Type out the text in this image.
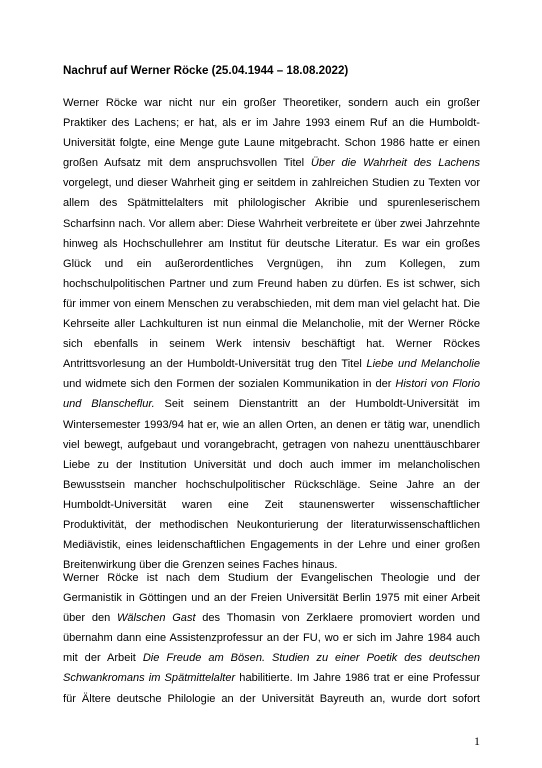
Nachruf auf Werner Röcke (25.04.1944 – 18.08.2022)
Werner Röcke war nicht nur ein großer Theoretiker, sondern auch ein großer
Praktiker des Lachens; er hat, als er im Jahre 1993 einem Ruf an die Humboldt-
Universität folgte, eine Menge gute Laune mitgebracht. Schon 1986 hatte er einen
großen Aufsatz mit dem anspruchsvollen Titel Über die Wahrheit des Lachens
vorgelegt, und dieser Wahrheit ging er seitdem in zahlreichen Studien zu Texten vor
allem des Spätmittelalters mit philologischer Akribie und spurenleserischem
Scharfsinn nach. Vor allem aber: Diese Wahrheit verbreitete er über zwei Jahrzehnte
hinweg als Hochschullehrer am Institut für deutsche Literatur. Es war ein großes
Glück und ein außerordentliches Vergnügen, ihn zum Kollegen, zum
hochschulpolitischen Partner und zum Freund haben zu dürfen. Es ist schwer, sich
für immer von einem Menschen zu verabschieden, mit dem man viel gelacht hat. Die
Kehrseite aller Lachkulturen ist nun einmal die Melancholie, mit der Werner Röcke
sich ebenfalls in seinem Werk intensiv beschäftigt hat. Werner Röckes
Antrittsvorlesung an der Humboldt-Universität trug den Titel Liebe und Melancholie
und widmete sich den Formen der sozialen Kommunikation in der Histori von Florio
und Blanscheflur. Seit seinem Dienstantritt an der Humboldt-Universität im
Wintersemester 1993/94 hat er, wie an allen Orten, an denen er tätig war, unendlich
viel bewegt, aufgebaut und vorangebracht, getragen von nahezu unenttäuschbarer
Liebe zu der Institution Universität und doch auch immer im melancholischen
Bewusstsein mancher hochschulpolitischer Rückschläge. Seine Jahre an der
Humboldt-Universität waren eine Zeit staunenswerter wissenschaftlicher
Produktivität, der methodischen Neukonturierung der literaturwissenschaftlichen
Mediävistik, eines leidenschaftlichen Engagements in der Lehre und einer großen
Breitenwirkung über die Grenzen seines Faches hinaus.
Werner Röcke ist nach dem Studium der Evangelischen Theologie und der
Germanistik in Göttingen und an der Freien Universität Berlin 1975 mit einer Arbeit
über den Wälschen Gast des Thomasin von Zerklaere promoviert worden und
übernahm dann eine Assistenzprofessur an der FU, wo er sich im Jahre 1984 auch
mit der Arbeit Die Freude am Bösen. Studien zu einer Poetik des deutschen
Schwankromans im Spätmittelalter habilitierte. Im Jahre 1986 trat er eine Professur
für Ältere deutsche Philologie an der Universität Bayreuth an, wurde dort sofort
1
